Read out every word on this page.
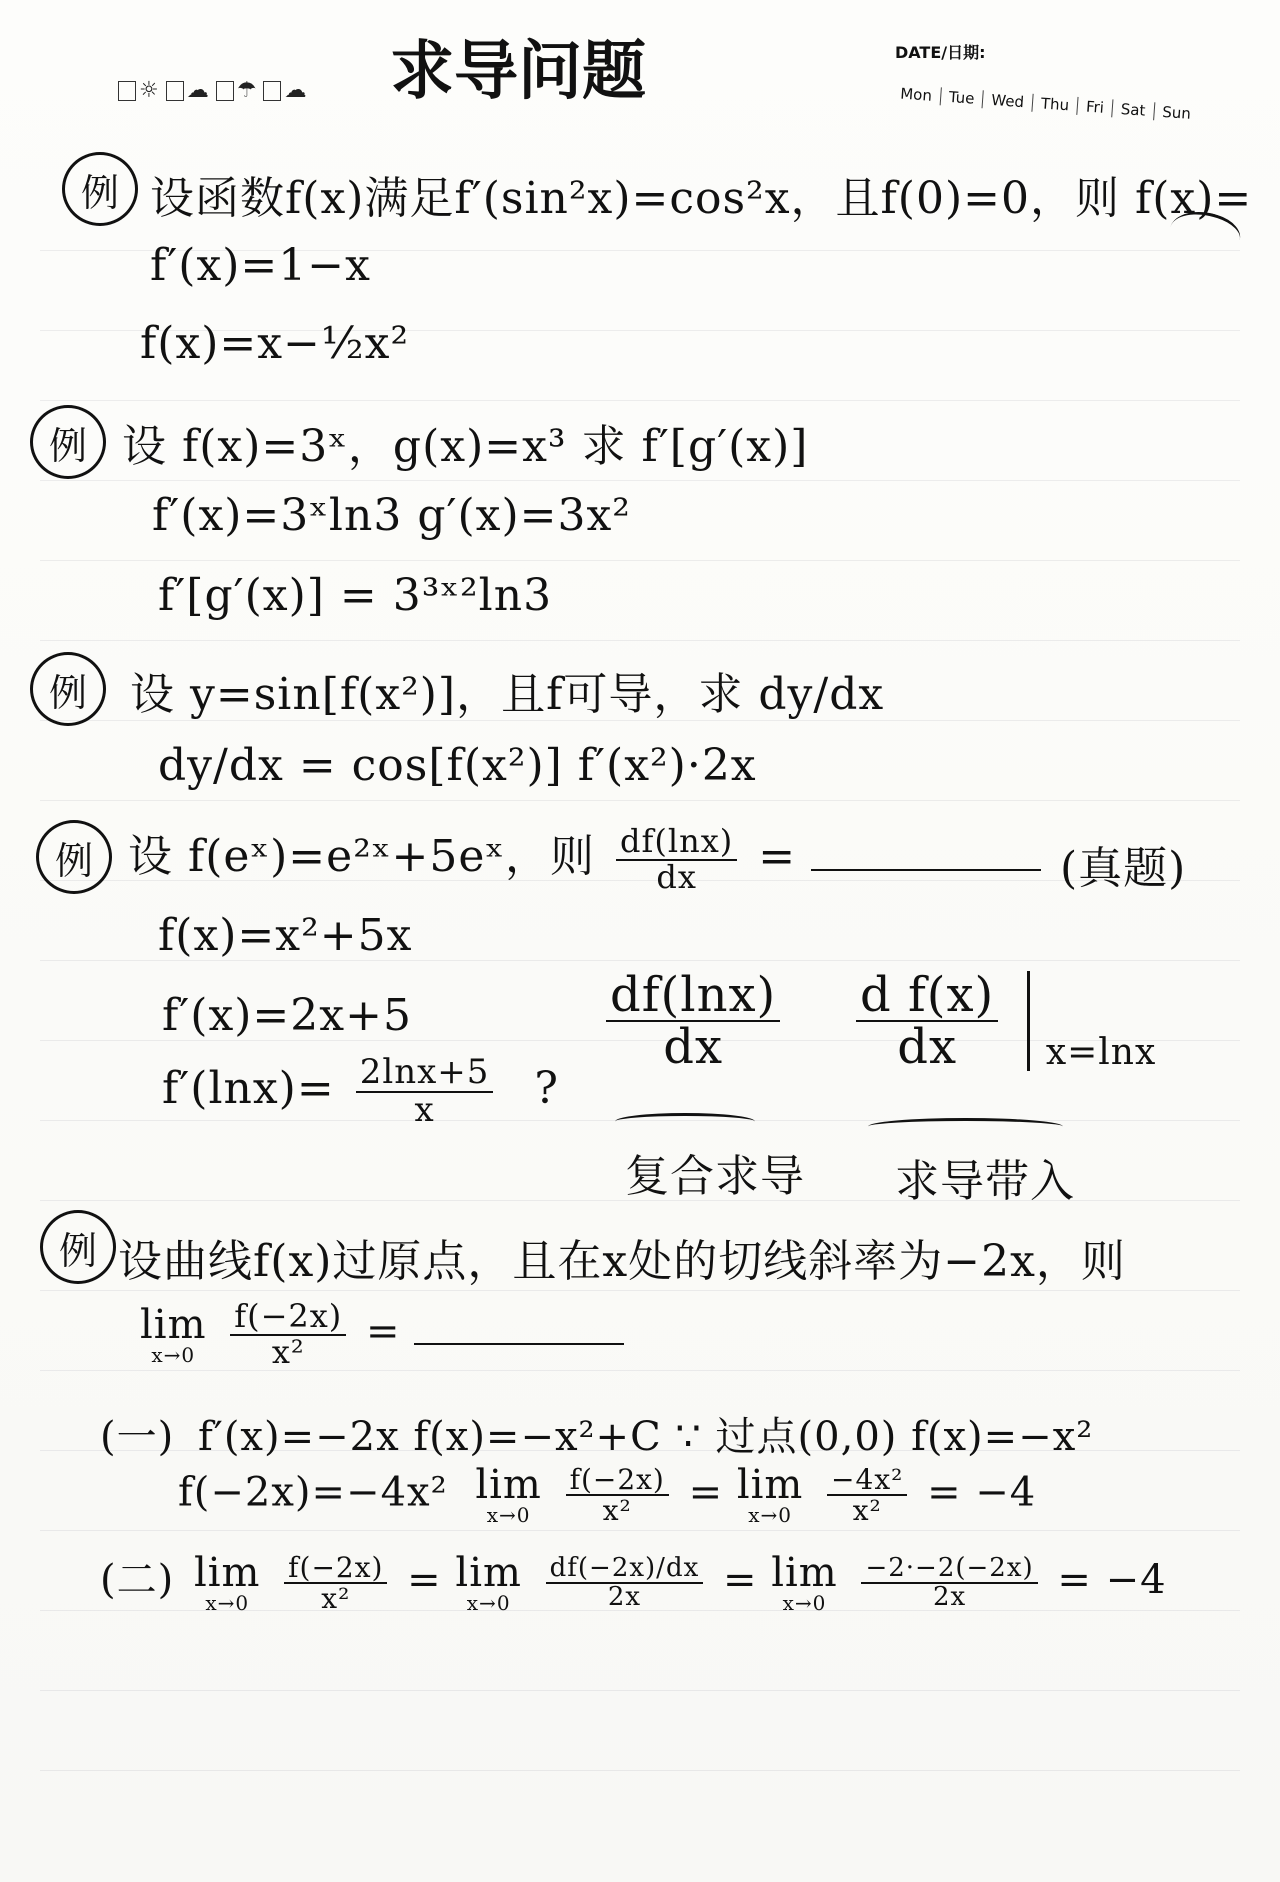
☼ ☁ ☂ ☁ 求导问题	DATE/日期:
Mon Tue Wed Thu Fri Sat Sun
例 设函数f(x)满足f′(sin²x)=cos²x，且f(0)=0，则 f(x)=
f′(x)=1−x
f(x)=x−½x²
例 设 f(x)=3ˣ，g(x)=x³ 求 f′[g′(x)]
f′(x)=3ˣln3 g′(x)=3x²
f′[g′(x)] = 3³ˣ²ln3
例 设 y=sin[f(x²)]，且f可导，求 dy/dx
dy/dx = cos[f(x²)] f′(x²)·2x
例 设 f(eˣ)=e²ˣ+5eˣ，则 $\frac{df(\ln x)}{dx}$ =	(真题)
f(x)=x²+5x
f′(x)=2x+5
$f'(\ln x)= \frac{2\ln x+5}{x}$ ?
$\frac{df(\ln x)}{dx}$
复合求导
$\frac{\text{d f(x)}}{dx} x=\ln x$
求导带入
例 设曲线f(x)过原点，且在x处的切线斜率为−2x，则
lim
x→0
$\frac{f(-2x)}{\text{x²}}$ =
(一) f′(x)=−2x f(x)=−x²+C ∵ 过点(0,0) f(x)=−x²
f(−2x)=−4x² lim
x→0
$\frac{f(-2x)}{\text{x²}} = \lim$
x→0
$\frac{\text{−4x²}}{\text{x²}} = -4$
(二) lim
x→0
$\frac{f(-2x)}{\text{x²}} = \lim$
x→0
$\frac{df(-2x)/dx}{2x} = \lim$
x→0
$\frac{-2\cdot-2(-2x)}{2x} = -4$
